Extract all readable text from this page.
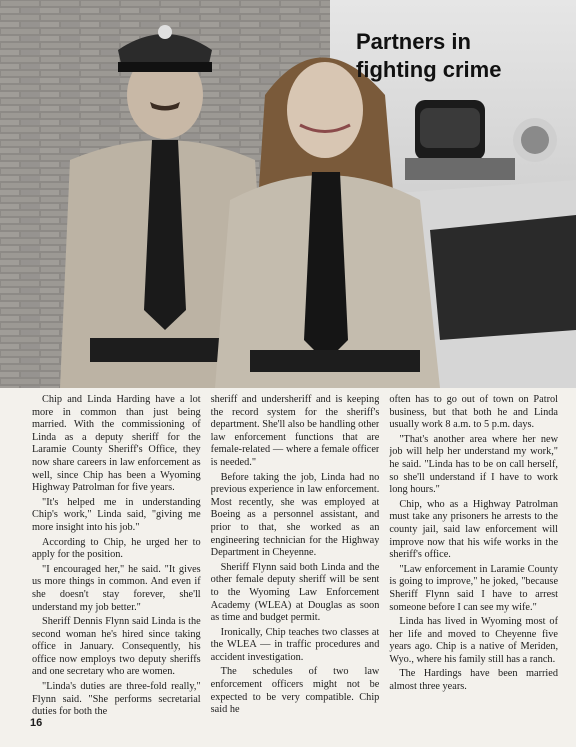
Partners in
fighting crime

Chip and Linda Harding have a lot more in common than just being married. With the commissioning of Linda as a deputy sheriff for the Laramie County Sheriff's Office, they now share careers in law enforcement as well, since Chip has been a Wyoming Highway Patrolman for five years.

"It's helped me in understanding Chip's work," Linda said, "giving me more insight into his job."

According to Chip, he urged her to apply for the position.

"I encouraged her," he said. "It gives us more things in common. And even if she doesn't stay forever, she'll understand my job better."

Sheriff Dennis Flynn said Linda is the second woman he's hired since taking office in January. Consequently, his office now employs two deputy sheriffs and one secretary who are women.

"Linda's duties are three-fold really," Flynn said. "She performs secretarial duties for both the

sheriff and undersheriff and is keeping the record system for the sheriff's department. She'll also be handling other law enforcement functions that are female-related — where a female officer is needed."

Before taking the job, Linda had no previous experience in law enforcement. Most recently, she was employed at Boeing as a personnel assistant, and prior to that, she worked as an engineering technician for the Highway Department in Cheyenne.

Sheriff Flynn said both Linda and the other female deputy sheriff will be sent to the Wyoming Law Enforcement Academy (WLEA) at Douglas as soon as time and budget permit.

Ironically, Chip teaches two classes at the WLEA — in traffic procedures and accident investigation.

The schedules of two law enforcement officers might not be expected to be very compatible. Chip said he

often has to go out of town on Patrol business, but that both he and Linda usually work 8 a.m. to 5 p.m. days.

"That's another area where her new job will help her understand my work," he said. "Linda has to be on call herself, so she'll understand if I have to work long hours."

Chip, who as a Highway Patrolman must take any prisoners he arrests to the county jail, said law enforcement will improve now that his wife works in the sheriff's office.

"Law enforcement in Laramie County is going to improve," he joked, "because Sheriff Flynn said I have to arrest someone before I can see my wife."

Linda has lived in Wyoming most of her life and moved to Cheyenne five years ago. Chip is a native of Meriden, Wyo., where his family still has a ranch.

The Hardings have been married almost three years.

16
